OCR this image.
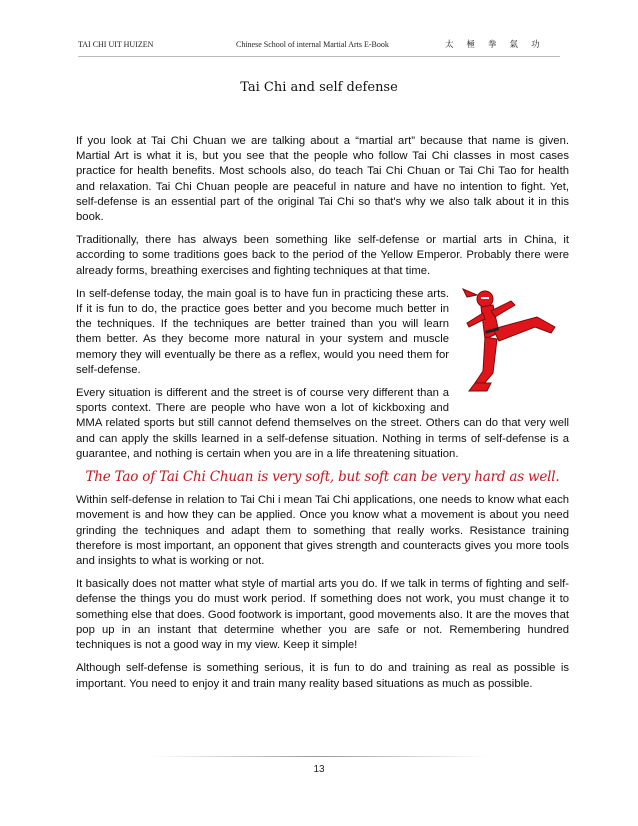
TAI CHI UIT HUIZEN	Chinese School of internal Martial Arts E-Book	太 極 拳 氣 功
Tai Chi and self defense

If you look at Tai Chi Chuan we are talking about a “martial art” because that name is given. Martial Art is what it is, but you see that the people who follow Tai Chi classes in most cases practice for health benefits. Most schools also, do teach Tai Chi Chuan or Tai Chi Tao for health and relaxation. Tai Chi Chuan people are peaceful in nature and have no intention to fight. Yet, self-defense is an essential part of the original Tai Chi so that's why we also talk about it in this book.

Traditionally, there has always been something like self-defense or martial arts in China, it according to some traditions goes back to the period of the Yellow Emperor. Probably there were already forms, breathing exercises and fighting techniques at that time.

In self-defense today, the main goal is to have fun in practicing these arts. If it is fun to do, the practice goes better and you become much better in the techniques. If the techniques are better trained than you will learn them better. As they become more natural in your system and muscle memory they will eventually be there as a reflex, would you need them for self-defense.

Every situation is different and the street is of course very different than a sports context. There are people who have won a lot of kickboxing and MMA related sports but still cannot defend themselves on the street. Others can do that very well and can apply the skills learned in a self-defense situation. Nothing in terms of self-defense is a guarantee, and nothing is certain when you are in a life threatening situation.

The Tao of Tai Chi Chuan is very soft, but soft can be very hard as well.

Within self-defense in relation to Tai Chi i mean Tai Chi applications, one needs to know what each movement is and how they can be applied. Once you know what a movement is about you need grinding the techniques and adapt them to something that really works. Resistance training therefore is most important, an opponent that gives strength and counteracts gives you more tools and insights to what is working or not.

It basically does not matter what style of martial arts you do. If we talk in terms of fighting and self-defense the things you do must work period. If something does not work, you must change it to something else that does. Good footwork is important, good movements also. It are the moves that pop up in an instant that determine whether you are safe or not. Remembering hundred techniques is not a good way in my view. Keep it simple!

Although self-defense is something serious, it is fun to do and training as real as possible is important. You need to enjoy it and train many reality based situations as much as possible.

13
